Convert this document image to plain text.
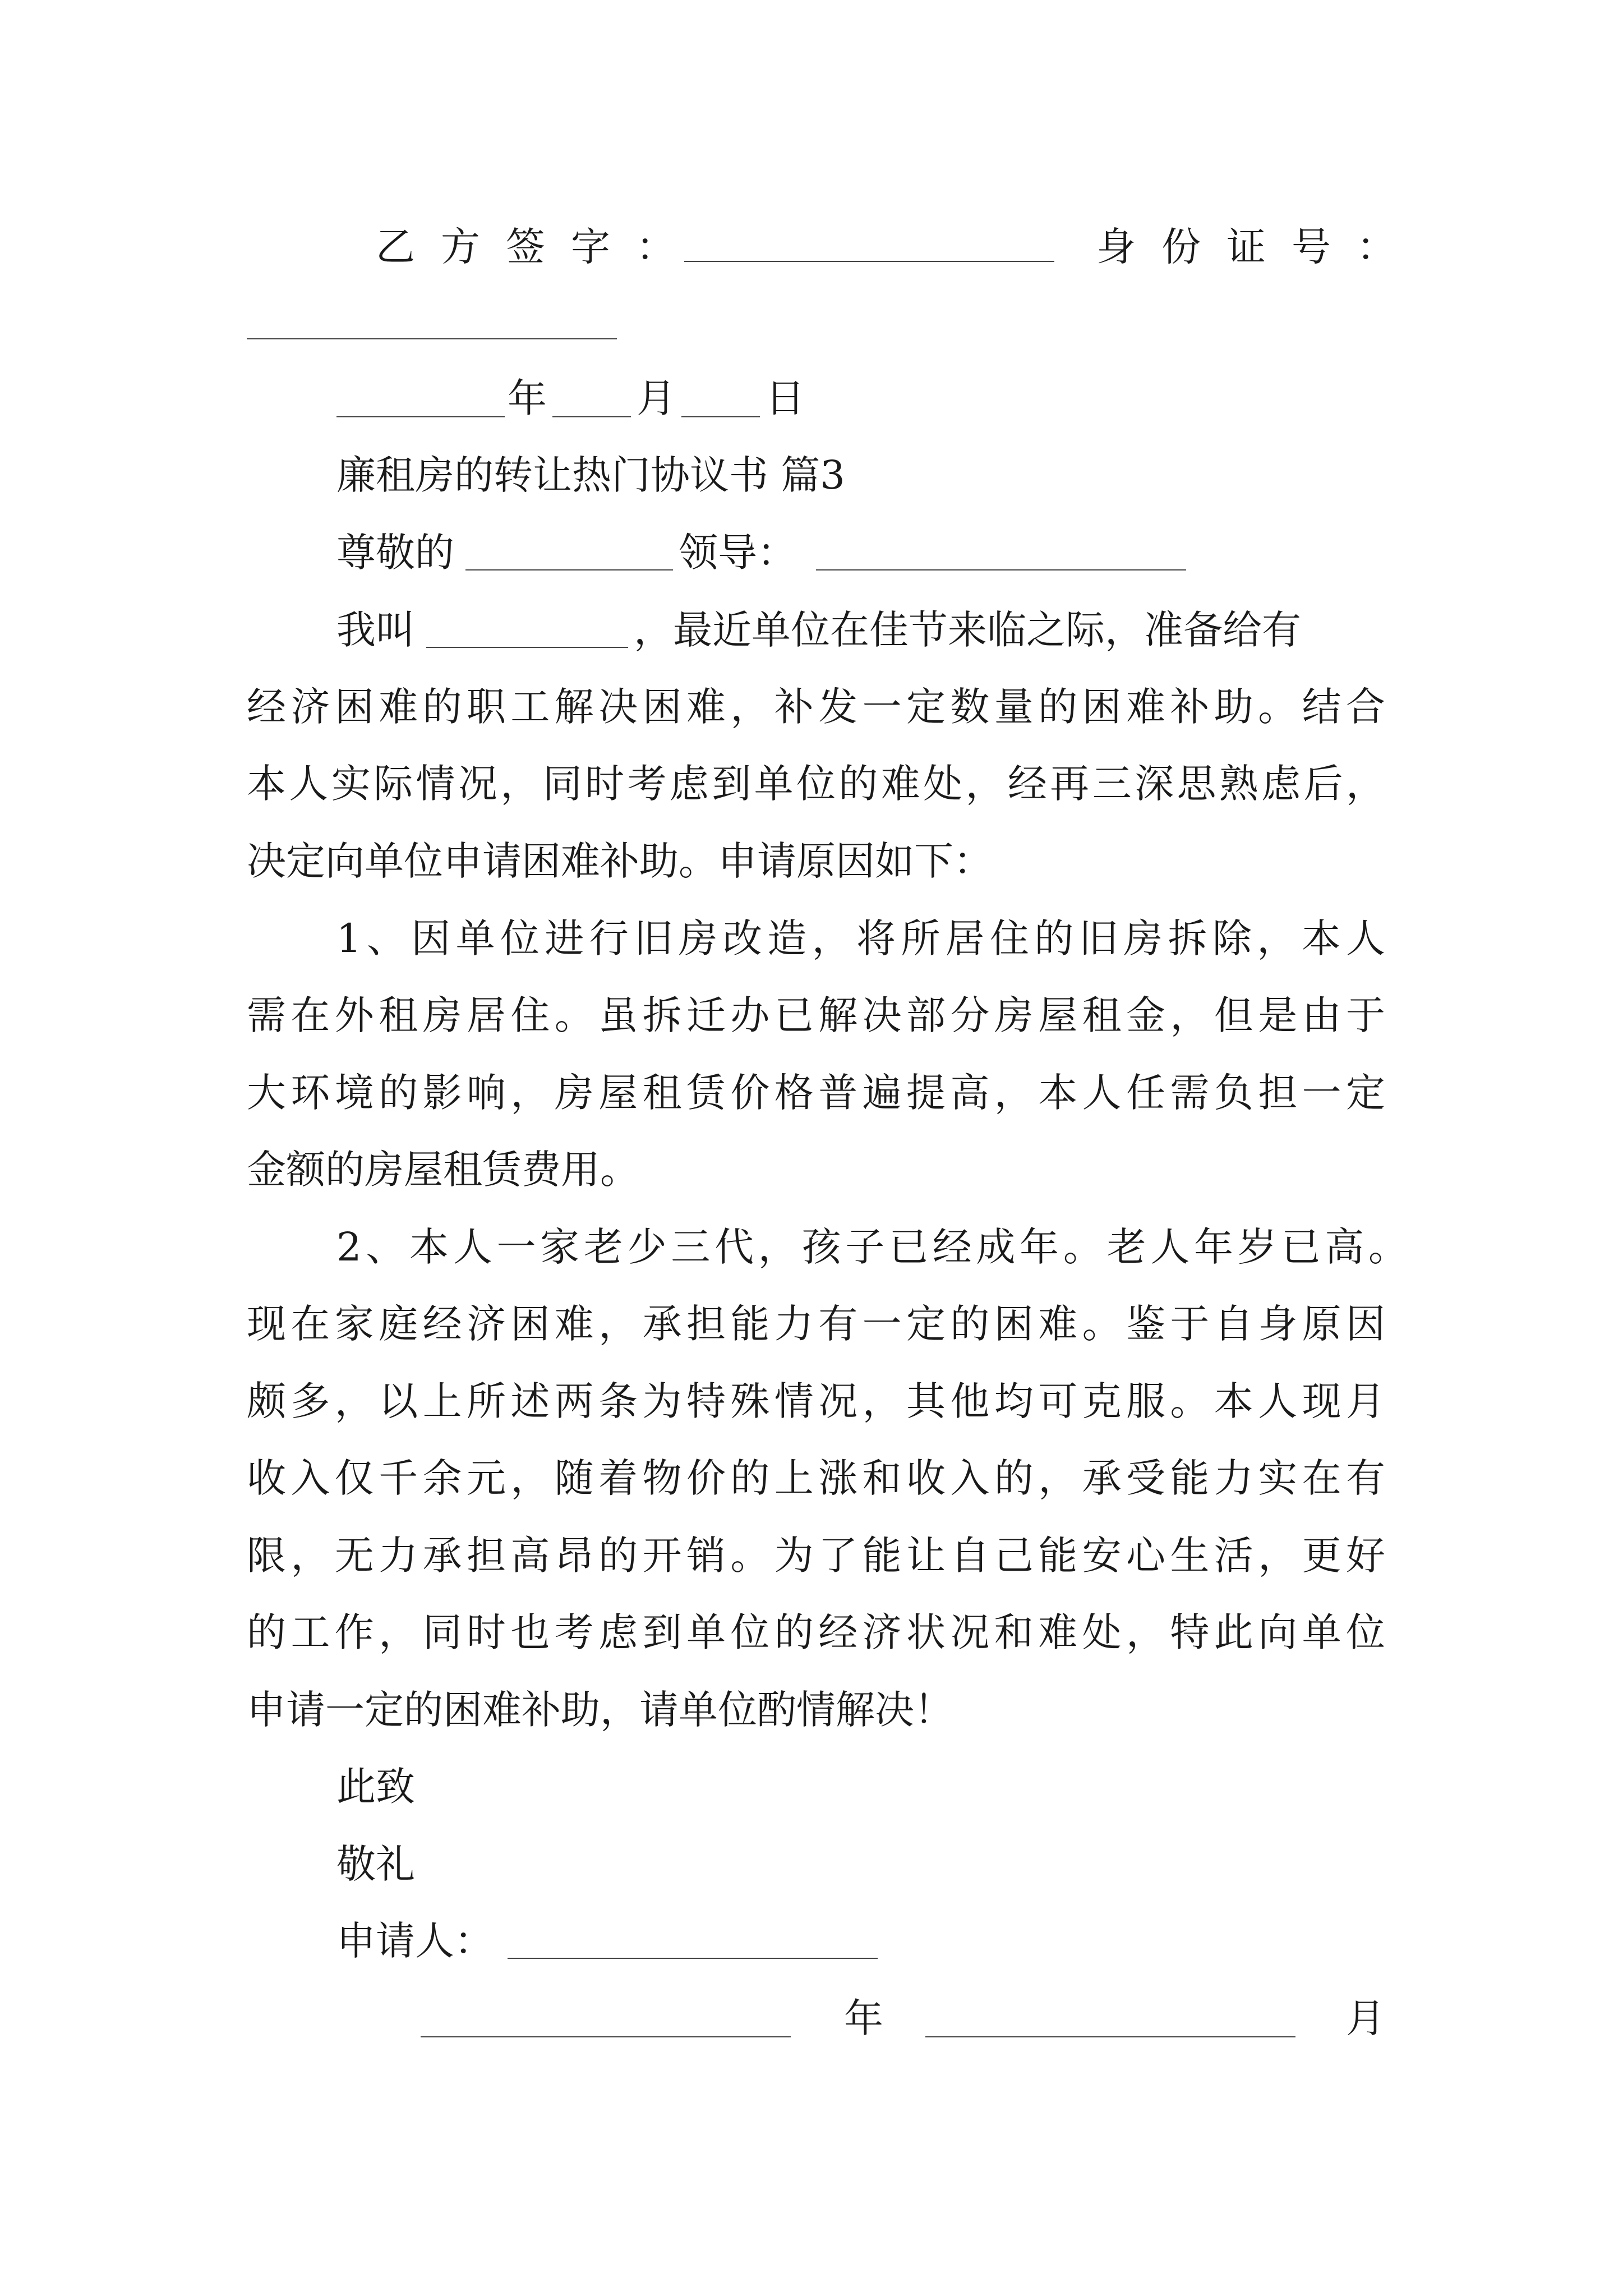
乙方签字：	身份证号：
年 月 日
廉租房的转让热门协议书 篇3
尊敬的	领导：
我叫	，最近单位在佳节来临之际，准备给有
经济困难的职工解决困难，补发一定数量的困难补助。结合
本人实际情况，同时考虑到单位的难处，经再三深思熟虑后，
决定向单位申请困难补助。申请原因如下：
1、因单位进行旧房改造，将所居住的旧房拆除，本人
需在外租房居住。虽拆迁办已解决部分房屋租金，但是由于
大环境的影响，房屋租赁价格普遍提高，本人任需负担一定
金额的房屋租赁费用。
2、本人一家老少三代，孩子已经成年。老人年岁已高。
现在家庭经济困难，承担能力有一定的困难。鉴于自身原因
颇多，以上所述两条为特殊情况，其他均可克服。本人现月
收入仅千余元，随着物价的上涨和收入的，承受能力实在有
限，无力承担高昂的开销。为了能让自己能安心生活，更好
的工作，同时也考虑到单位的经济状况和难处，特此向单位
申请一定的困难补助，请单位酌情解决！
此致
敬礼
申请人：
年	月
